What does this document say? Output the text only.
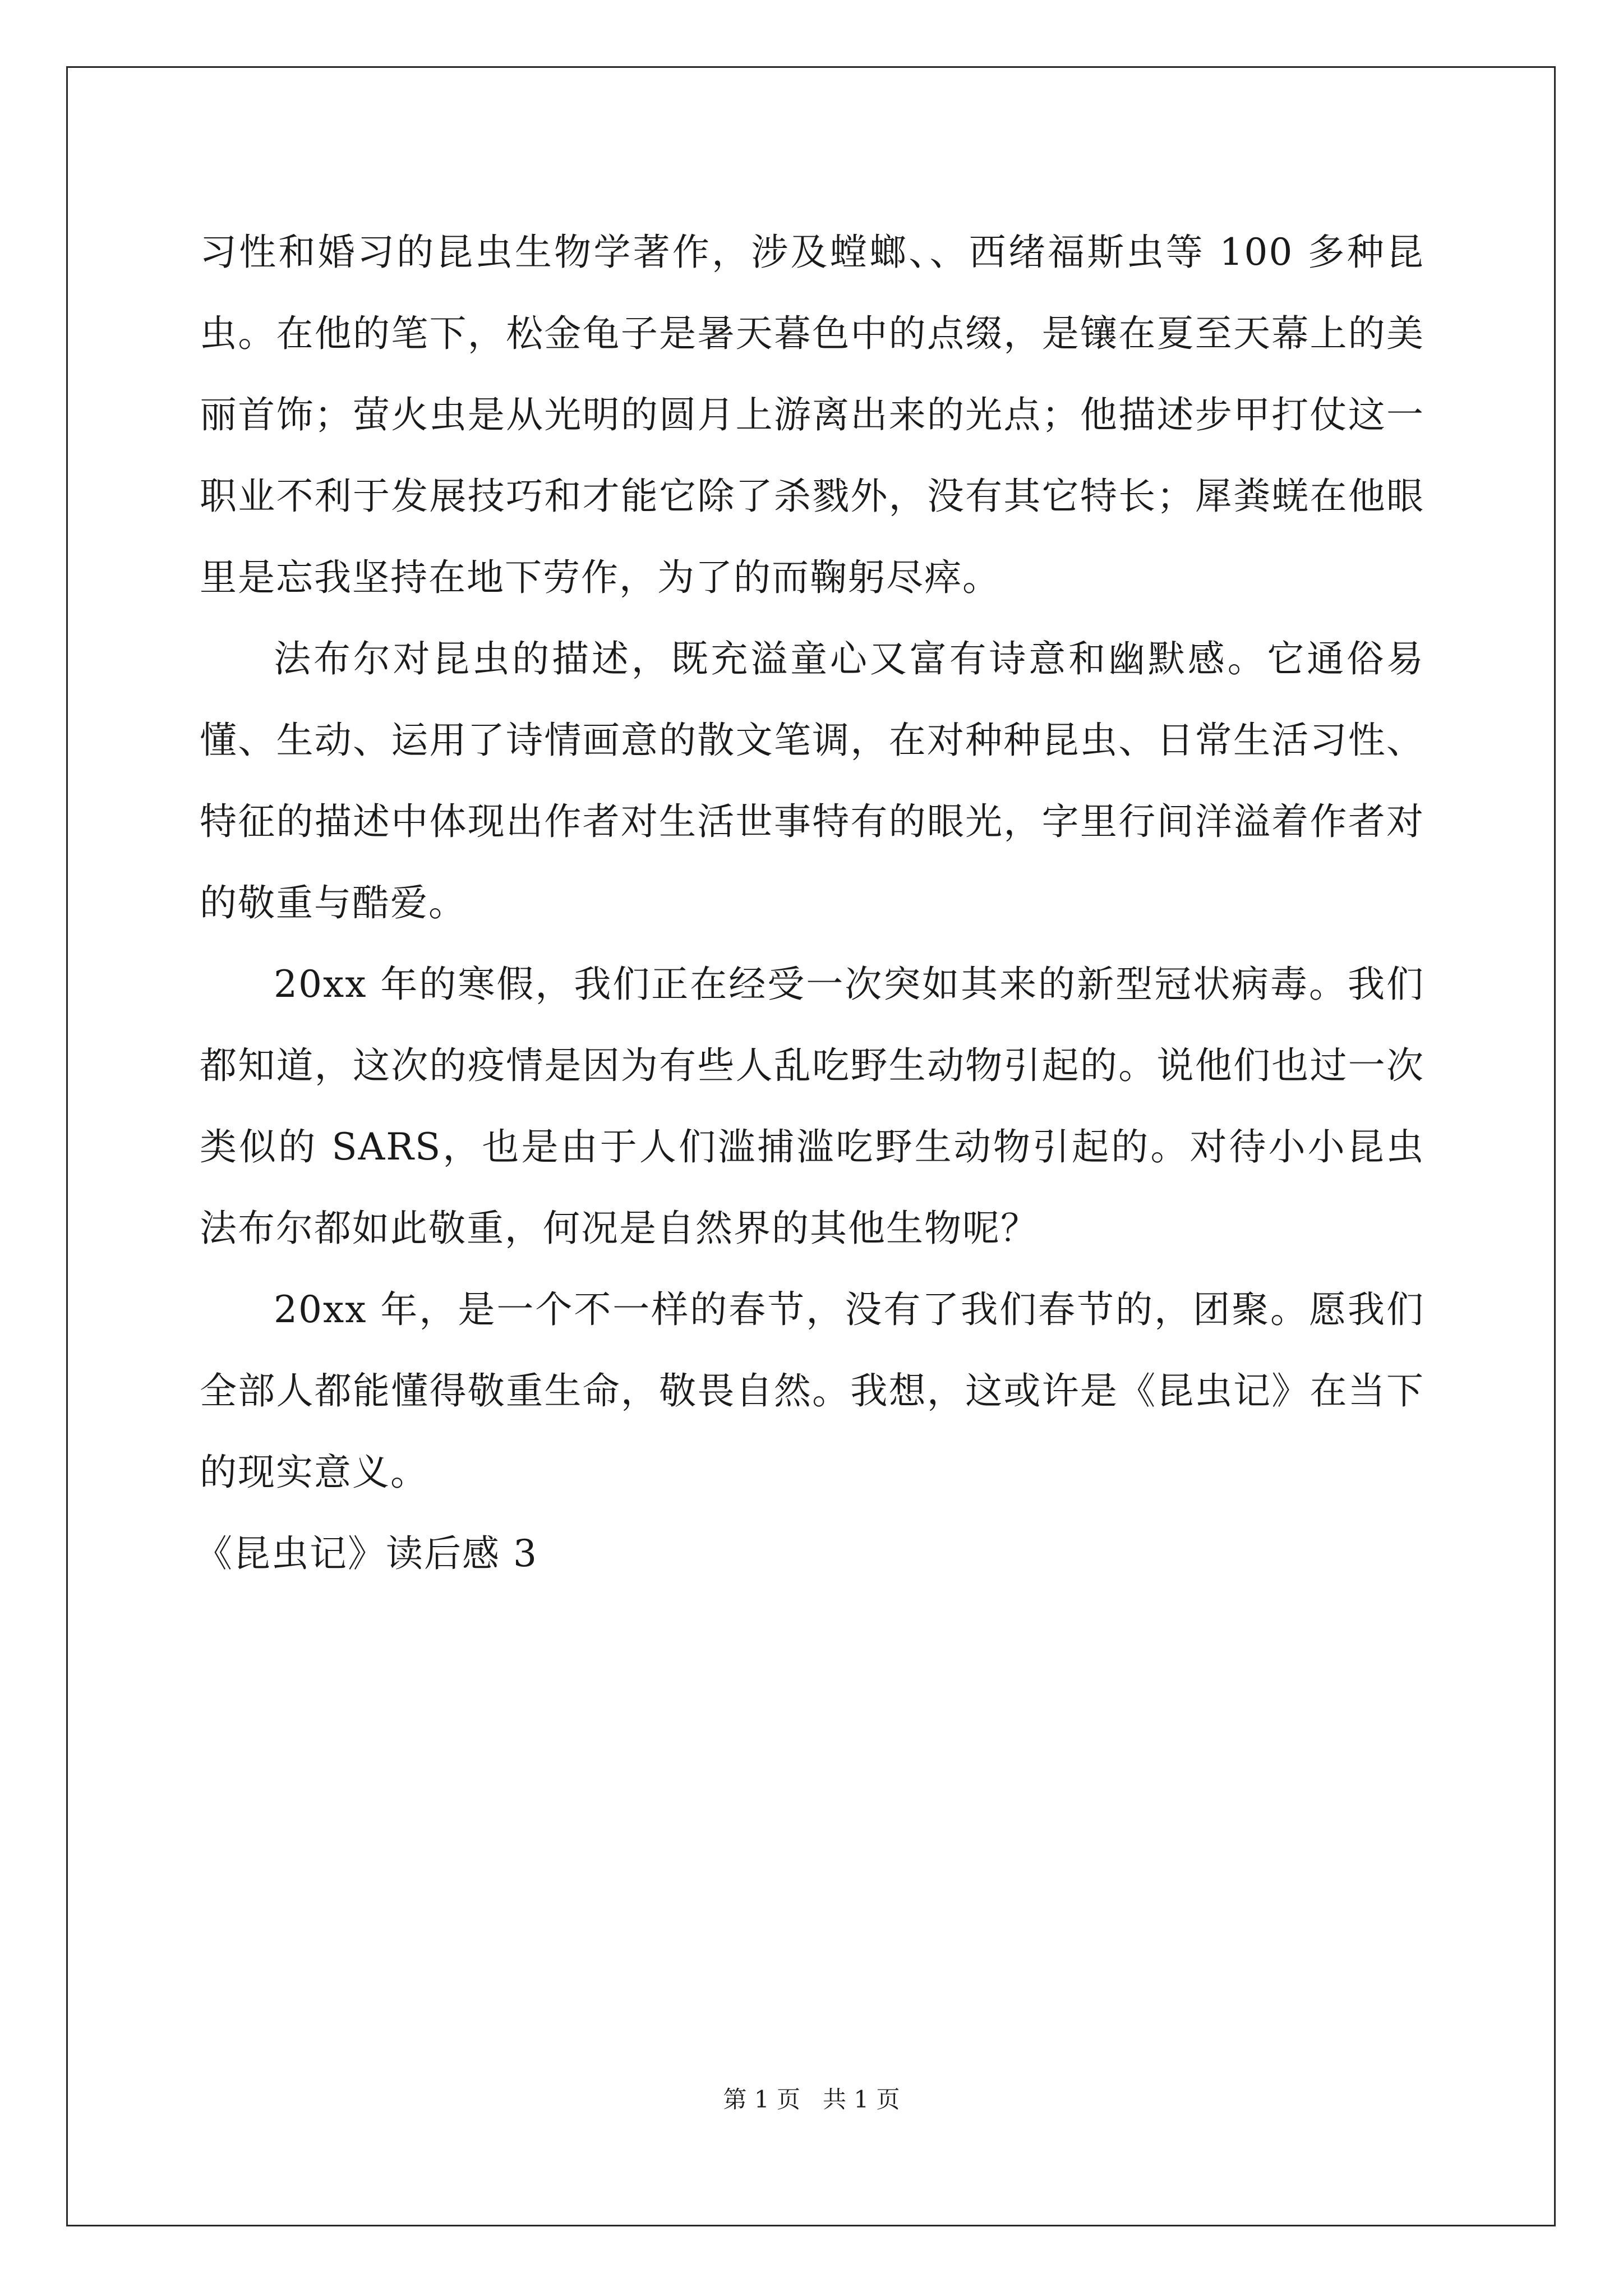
习性和婚习的昆虫生物学著作，涉及螳螂、、西绪福斯虫等 100 多种昆虫。在他的笔下，松金龟子是暑天暮色中的点缀，是镶在夏至天幕上的美丽首饰；萤火虫是从光明的圆月上游离出来的光点；他描述步甲打仗这一职业不利于发展技巧和才能它除了杀戮外，没有其它特长；犀粪蜣在他眼里是忘我坚持在地下劳作，为了的而鞠躬尽瘁。

法布尔对昆虫的描述，既充溢童心又富有诗意和幽默感。它通俗易懂、生动、运用了诗情画意的散文笔调，在对种种昆虫、日常生活习性、特征的描述中体现出作者对生活世事特有的眼光，字里行间洋溢着作者对的敬重与酷爱。

20xx 年的寒假，我们正在经受一次突如其来的新型冠状病毒。我们都知道，这次的疫情是因为有些人乱吃野生动物引起的。说他们也过一次类似的 SARS，也是由于人们滥捕滥吃野生动物引起的。对待小小昆虫法布尔都如此敬重，何况是自然界的其他生物呢？

20xx 年，是一个不一样的春节，没有了我们春节的，团聚。愿我们全部人都能懂得敬重生命，敬畏自然。我想，这或许是《昆虫记》在当下的现实意义。

《昆虫记》读后感 3

第 1 页 共 1 页
